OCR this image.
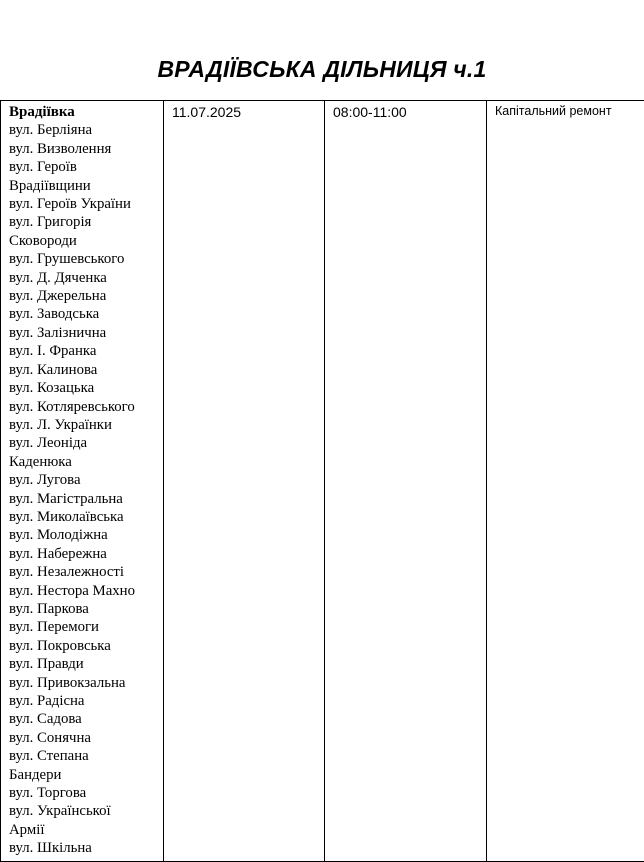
ВРАДІЇВСЬКА ДІЛЬНИЦЯ ч.1
Врадіївка
вул. Берліяна
вул. Визволення
вул. Героїв
Врадіївщини
вул. Героїв України
вул. Григорія
Сковороди
вул. Грушевського
вул. Д. Дяченка
вул. Джерельна
вул. Заводська
вул. Залізнична
вул. І. Франка
вул. Калинова
вул. Козацька
вул. Котляревського
вул. Л. Українки
вул. Леоніда
Каденюка
вул. Лугова
вул. Магістральна
вул. Миколаївська
вул. Молодіжна
вул. Набережна
вул. Незалежності
вул. Нестора Махно
вул. Паркова
вул. Перемоги
вул. Покровська
вул. Правди
вул. Привокзальна
вул. Радісна
вул. Садова
вул. Сонячна
вул. Степана
Бандери
вул. Торгова
вул. Української
Армії
вул. Шкільна
	11.07.2025	08:00-11:00	Капітальний ремонт
